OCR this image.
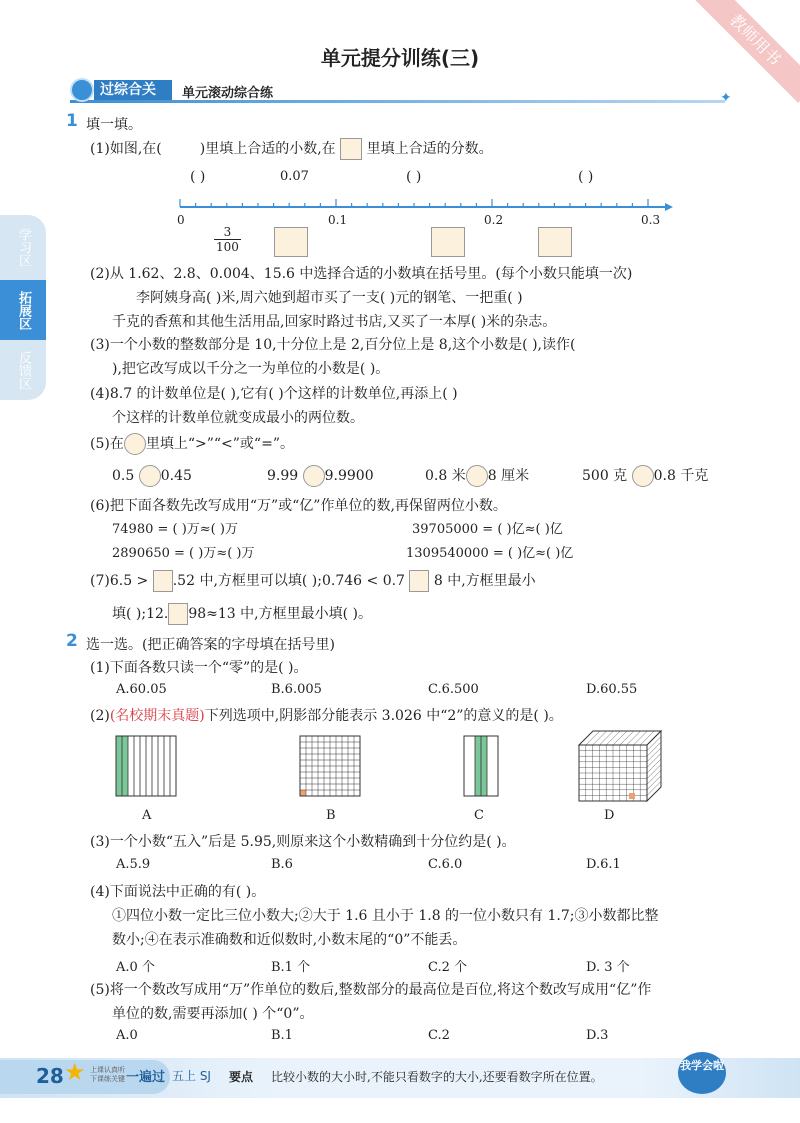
教师用书
单元提分训练(三)
过综合关	单元滚动综合练	✦
学习区
拓展区
反馈区
1 填一填。
(1)如图,在(	)里填上合适的小数,在 里填上合适的分数。
( )	0.07	( )	( )
0	0.1	0.2	0.3
3
100
(2)从 1.62、2.8、0.004、15.6 中选择合适的小数填在括号里。(每个小数只能填一次)
李阿姨身高( )米,周六她到超市买了一支( )元的钢笔、一把重( )
千克的香蕉和其他生活用品,回家时路过书店,又买了一本厚( )米的杂志。
(3)一个小数的整数部分是 10,十分位上是 2,百分位上是 8,这个小数是( ),读作(
),把它改写成以千分之一为单位的小数是( )。
(4)8.7 的计数单位是( ),它有( )个这样的计数单位,再添上( )
个这样的计数单位就变成最小的两位数。
(5)在 里填上“>”“<”或“=”。
0.5 0.45	9.99 9.9900	0.8 米 8 厘米	500 克 0.8 千克
(6)把下面各数先改写成用“万”或“亿”作单位的数,再保留两位小数。
74980 = ( )万≈( )万	39705000 = ( )亿≈( )亿
2890650 = ( )万≈( )万	1309540000 = ( )亿≈( )亿
(7)6.5 > .52 中,方框里可以填( );0.746 < 0.7 8 中,方框里最小
填( );12. 98≈13 中,方框里最小填( )。
2 选一选。(把正确答案的字母填在括号里)
(1)下面各数只读一个“零”的是( )。
A.60.05	B.6.005	C.6.500	D.60.55
(2)(名校期末真题)下列选项中,阴影部分能表示 3.026 中“2”的意义的是( )。
A	B	C	D
(3)一个小数“五入”后是 5.95,则原来这个小数精确到十分位约是( )。
A.5.9	B.6	C.6.0	D.6.1
(4)下面说法中正确的有( )。
①四位小数一定比三位小数大;②大于 1.6 且小于 1.8 的一位小数只有 1.7;③小数都比整
数小;④在表示准确数和近似数时,小数末尾的“0”不能丢。
A.0 个	B.1 个	C.2 个	D. 3 个
(5)将一个数改写成用“万”作单位的数后,整数部分的最高位是百位,将这个数改写成用“亿”作
单位的数,需要再添加( ) 个“0”。
A.0	B.1	C.2	D.3
28 ★ 上课认真听
下课练关键 一遍过 五上 SJ 要点 比较小数的大小时,不能只看数字的大小,还要看数字所在位置。
我学会啦
